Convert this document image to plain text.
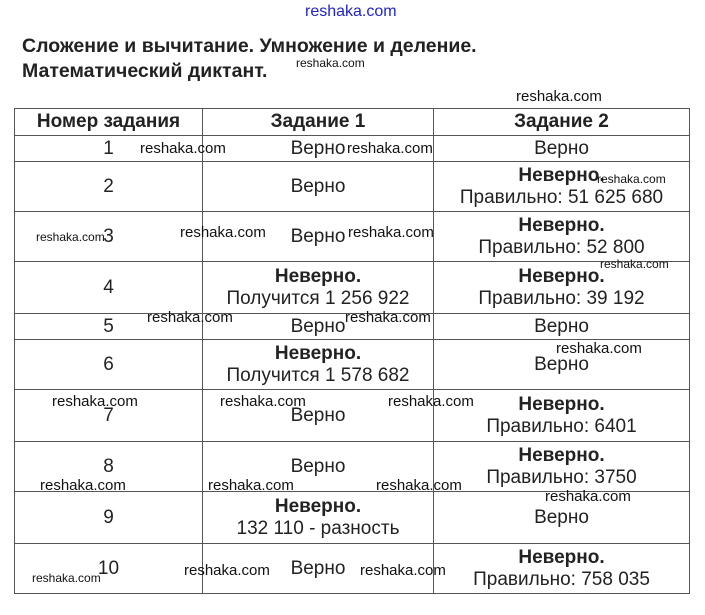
reshaka.com
Сложение и вычитание. Умножение и деление.
Математический диктант.
Номер задания	Задание 1	Задание 2
1	Верно	Верно

2	Верно	Неверно.
Правильно: 51 625 680

3	Верно	Неверно.
Правильно: 52 800

4	Неверно.
Получится 1 256 922	Неверно.
Правильно: 39 192

5	Верно	Верно

6	Неверно.
Получится 1 578 682	Верно

7	Верно	Неверно.
Правильно: 6401

8	Верно	Неверно.
Правильно: 3750

9	Неверно.
132 110 - разность	Верно

10	Верно	Неверно.
Правильно: 758 035
reshaka.com
reshaka.com
reshaka.com	reshaka.com
reshaka.com
reshaka.com	reshaka.com	reshaka.com
reshaka.com
reshaka.com	reshaka.com
reshaka.com
reshaka.com	reshaka.com	reshaka.com
reshaka.com	reshaka.com	reshaka.com
reshaka.com
reshaka.com	reshaka.com	reshaka.com
